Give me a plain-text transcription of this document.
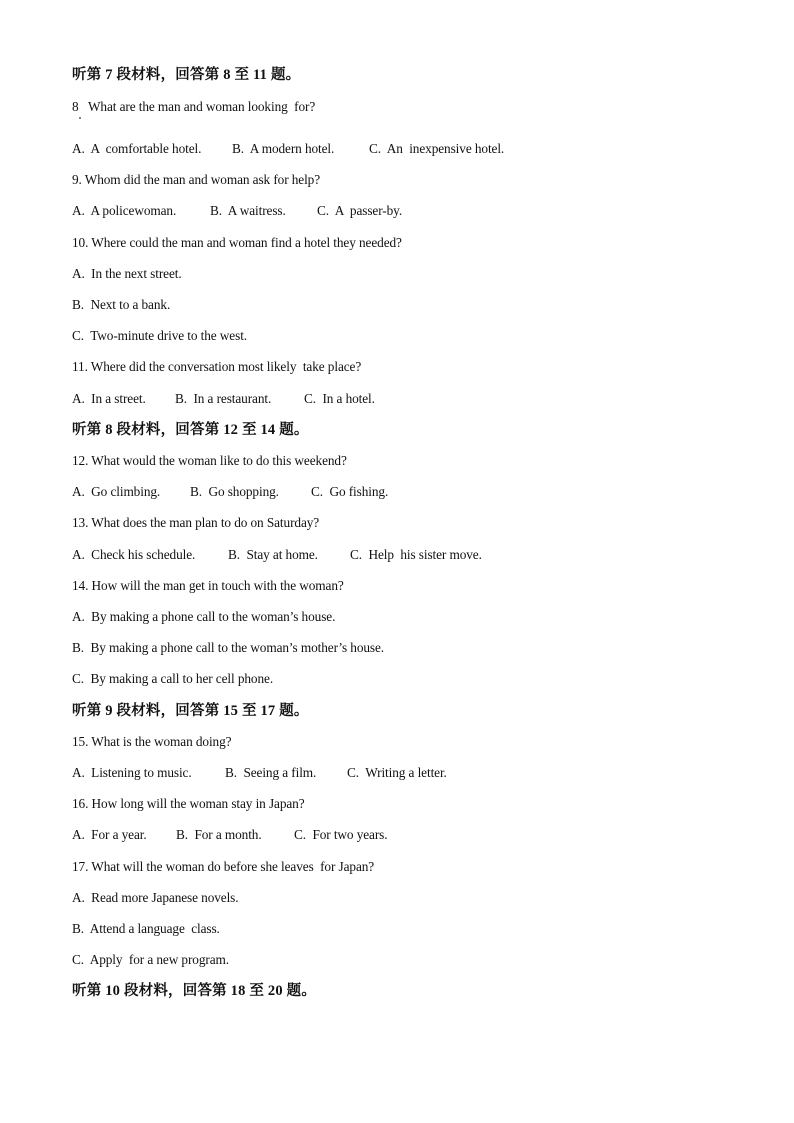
听第 7 段材料，回答第 8 至 11 题。
8   What are the man and woman looking  for?
A.  A  comfortable hotel. B.  A modern hotel.	C.  An  inexpensive hotel.
9. Whom did the man and woman ask for help?
A.  A policewoman.	B.  A waitress. C.  A  passer-by.
10. Where could the man and woman find a hotel they needed?
A.  In the next street.
B.  Next to a bank.
C.  Two-minute drive to the west.
11. Where did the conversation most likely  take place?
A.  In a street. B.  In a restaurant. C.  In a hotel.
听第 8 段材料，回答第 12 至 14 题。
12. What would the woman like to do this weekend?
A.  Go climbing. B.  Go shopping. C.  Go fishing.
13. What does the man plan to do on Saturday?
A.  Check his schedule. B.  Stay at home. C.  Help  his sister move.
14. How will the man get in touch with the woman?
A.  By making a phone call to the woman’s house.
B.  By making a phone call to the woman’s mother’s house.
C.  By making a call to her cell phone.
听第 9 段材料，回答第 15 至 17 题。
15. What is the woman doing?
A.  Listening to music.	B.  Seeing a film. C.  Writing a letter.
16. How long will the woman stay in Japan?
A.  For a year. B.  For a month. C.  For two years.
17. What will the woman do before she leaves  for Japan?
A.  Read more Japanese novels.
B.  Attend a language  class.
C.  Apply  for a new program.
听第 10 段材料，回答第 18 至 20 题。
